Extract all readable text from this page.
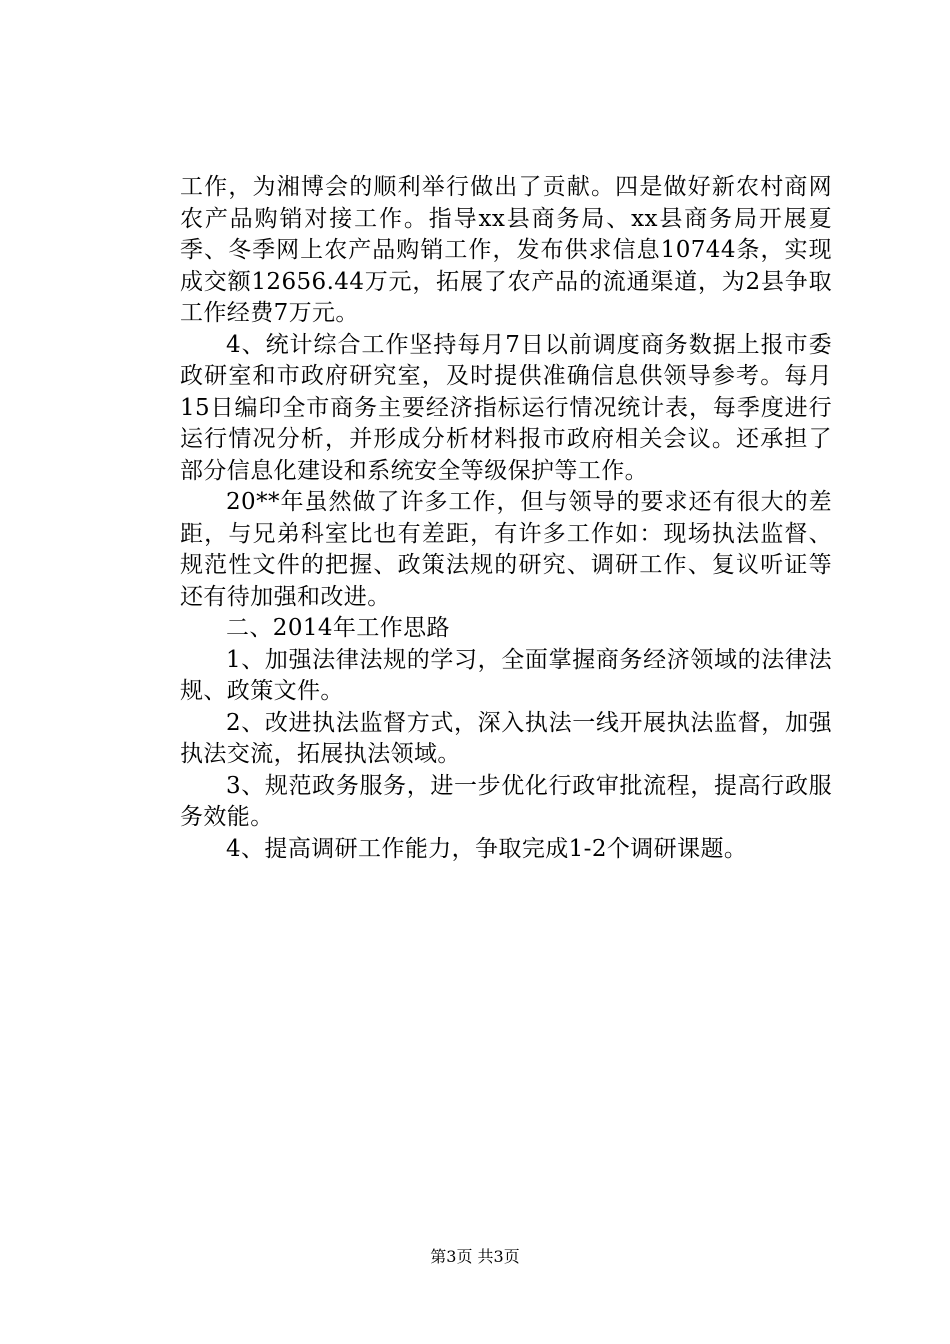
工作，为湘博会的顺利举行做出了贡献。四是做好新农村商网农产品购销对接工作。指导xx县商务局、xx县商务局开展夏季、冬季网上农产品购销工作，发布供求信息10744条，实现成交额12656.44万元，拓展了农产品的流通渠道，为2县争取工作经费7万元。

4、统计综合工作坚持每月7日以前调度商务数据上报市委政研室和市政府研究室，及时提供准确信息供领导参考。每月15日编印全市商务主要经济指标运行情况统计表，每季度进行运行情况分析，并形成分析材料报市政府相关会议。还承担了部分信息化建设和系统安全等级保护等工作。

20**年虽然做了许多工作，但与领导的要求还有很大的差距，与兄弟科室比也有差距，有许多工作如：现场执法监督、规范性文件的把握、政策法规的研究、调研工作、复议听证等还有待加强和改进。

二、2014年工作思路

1、加强法律法规的学习，全面掌握商务经济领域的法律法规、政策文件。

2、改进执法监督方式，深入执法一线开展执法监督，加强执法交流，拓展执法领域。

3、规范政务服务，进一步优化行政审批流程，提高行政服务效能。

4、提高调研工作能力，争取完成1-2个调研课题。

第3页 共3页
